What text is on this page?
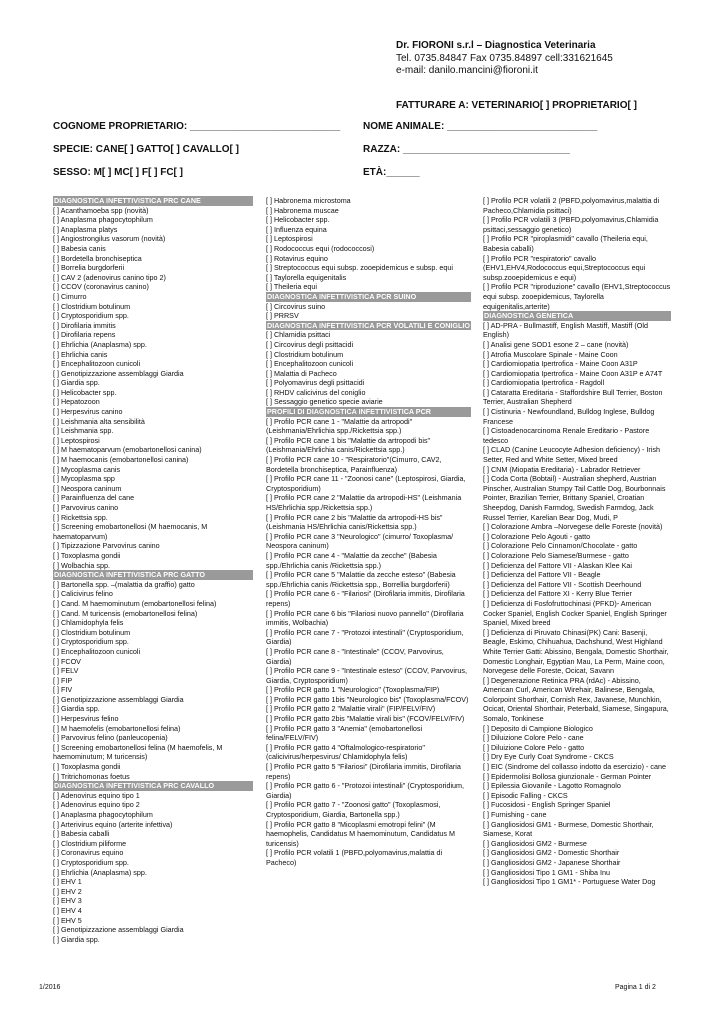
Dr. FIORONI s.r.l – Diagnostica Veterinaria
Tel. 0735.84847 Fax 0735.84897 cell:331621645
e-mail: danilo.mancini@fioroni.it
FATTURARE A: VETERINARIO[ ] PROPRIETARIO[ ]
COGNOME PROPRIETARIO: ___________________________ NOME ANIMALE: ___________________________
SPECIE: CANE[ ] GATTO[ ] CAVALLO[ ]	RAZZA: ______________________________
SESSO: M[ ] MC[ ] F[ ] FC[ ]	ETÀ:______
DIAGNOSTICA INFETTIVISTICA PRC CANE
[ ] Acanthamoeba spp (novità)
[ ] Anaplasma phagocytophilum
[ ] Anaplasma platys
[ ] Angiostrongilus vasorum (novità)
[ ] Babesia canis
[ ] Bordetella bronchiseptica
[ ] Borrelia burgdorferii
[ ] CAV 2 (adenovirus canino tipo 2)
[ ] CCOV (coronavirus canino)
[ ] Cimurro
[ ] Clostridium botulinum
[ ] Cryptosporidium spp.
[ ] Dirofilaria immitis
[ ] Dirofilaria repens
[ ] Ehrlichia (Anaplasma) spp.
[ ] Ehrlichia canis
[ ] Encephalitozoon cunicoli
[ ] Genotipizzazione assemblaggi Giardia
[ ] Giardia spp.
[ ] Helicobacter spp.
[ ] Hepatozoon
[ ] Herpesvirus canino
[ ] Leishmania alta sensibilità
[ ] Leishmania spp.
[ ] Leptospirosi
[ ] M haematoparvum (emobartonellosi canina)
[ ] M haemocanis (emobartonellosi canina)
[ ] Mycoplasma canis
[ ] Mycoplasma spp
[ ] Neospora caninum
[ ] Parainfluenza del cane
[ ] Parvovirus canino
[ ] Rickettsia spp.
[ ] Screening emobartonellosi (M haemocanis, M haematoparvum)
[ ] Tipizzazione Parvovirus canino
[ ] Toxoplasma gondii
[ ] Wolbachia spp.
DIAGNOSTICA INFETTIVISTICA PRC GATTO
[ ] Bartonella spp. –(malattia da graffio) gatto
[ ] Calicivirus felino
[ ] Cand. M haemominutum (emobartonellosi felina)
[ ] Cand. M turicensis (emobartonellosi felina)
[ ] Chlamidophyla felis
[ ] Clostridium botulinum
[ ] Cryptosporidium spp.
[ ] Encephalitozoon cunicoli
[ ] FCOV
[ ] FELV
[ ] FIP
[ ] FIV
[ ] Genotipizzazione assemblaggi Giardia
[ ] Giardia spp.
[ ] Herpesvirus felino
[ ] M haemofelis (emobartonellosi felina)
[ ] Parvovirus felino (panleucopenia)
[ ] Screening emobartonellosi felina (M haemofelis, M haemominutum; M turicensis)
[ ] Toxoplasma gondii
[ ] Tritrichomonas foetus
DIAGNOSTICA INFETTIVISTICA PRC CAVALLO
[ ] Adenovirus equino tipo 1
[ ] Adenovirus equino tipo 2
[ ] Anaplasma phagocytophilum
[ ] Arterivirus equino (arterite infettiva)
[ ] Babesia caballi
[ ] Clostridium piliforme
[ ] Coronavirus equino
[ ] Cryptosporidium spp.
[ ] Ehrlichia (Anaplasma) spp.
[ ] EHV 1
[ ] EHV 2
[ ] EHV 3
[ ] EHV 4
[ ] EHV 5
[ ] Genotipizzazione assemblaggi Giardia
[ ] Giardia spp.
[ ] Habronema microstoma
[ ] Habronema muscae
[ ] Helicobacter spp.
[ ] Influenza equina
[ ] Leptospirosi
[ ] Rodococcus equi (rodococcosi)
[ ] Rotavirus equino
[ ] Streptococcus equi subsp. zooepidemicus e subsp. equi
[ ] Taylorella equigenitalis
[ ] Theileria equi
DIAGNOSTICA INFETTIVISTICA PCR SUINO
[ ] Circovirus suino
[ ] PRRSV
DIAGNOSTICA INFETTIVISTICA PCR VOLATILI E CONIGLIO
[ ] Chlamidia psittaci
[ ] Circovirus degli psittacidi
[ ] Clostridium botulinum
[ ] Encephalitozoon cunicoli
[ ] Malattia di Pacheco
[ ] Polyomavirus degli psittacidi
[ ] RHDV calicivirus del coniglio
[ ] Sessaggio genetico specie aviarie
PROFILI DI DIAGNOSTICA INFETTIVISTICA PCR
[ ] Profilo PCR cane 1 - "Malattie da artropodi" (Leishmania/Ehrlichia spp./Rickettsia spp.)
[ ] Profilo PCR cane 1 bis "Malattie da artropodi bis" (Leishmania/Ehrlichia canis/Rickettsia spp.)
[ ] Profilo PCR cane 10 - "Respiratorio"(Cimurro, CAV2, Bordetella bronchiseptica, Parainfluenza)
[ ] Profilo PCR cane 11 - "Zoonosi cane" (Leptospirosi, Giardia, Cryptosporidium)
[ ] Profilo PCR cane 2 "Malattie da artropodi-HS" (Leishmania HS/Ehrlichia spp./Rickettsia spp.)
[ ] Profilo PCR cane 2 bis "Malattie da artropodi-HS bis" (Leishmania HS/Ehrlichia canis/Rickettsia spp.)
[ ] Profilo PCR cane 3 "Neurologico" (cimurro/ Toxoplasma/ Neospora caninum)
[ ] Profilo PCR cane 4 - "Malattie da zecche" (Babesia spp./Ehrlichia canis /Rickettsia spp.)
[ ] Profilo PCR cane 5 "Malattie da zecche esteso" (Babesia spp./Ehrlichia canis /Rickettsia spp., Borrellia burgdorferii)
[ ] Profilo PCR cane 6 - "Filariosi" (Dirofilaria immitis, Dirofilaria repens)
[ ] Profilo PCR cane 6 bis "Filariosi nuovo pannello" (Dirofilaria immitis, Wolbachia)
[ ] Profilo PCR cane 7 - "Protozoi intestinali" (Cryptosporidium, Giardia)
[ ] Profilo PCR cane 8 - "Intestinale" (CCOV, Parvovirus, Giardia)
[ ] Profilo PCR cane 9 - "Intestinale esteso" (CCOV, Parvovirus, Giardia, Cryptosporidium)
[ ] Profilo PCR gatto 1 "Neurologico" (Toxoplasma/FIP)
[ ] Profilo PCR gatto 1bis "Neurologico bis" (Toxoplasma/FCOV)
[ ] Profilo PCR gatto 2 "Malattie virali" (FIP/FELV/FIV)
[ ] Profilo PCR gatto 2bis "Malattie virali bis" (FCOV/FELV/FIV)
[ ] Profilo PCR gatto 3 "Anemia" (emobartonellosi felina/FELV/FIV)
[ ] Profilo PCR gatto 4 "Oftalmologico-respiratorio" (calicivirus/herpesvirus/ Chlamidophyla felis)
[ ] Profilo PCR gatto 5 "Filariosi" (Dirofilaria immitis, Dirofilaria repens)
[ ] Profilo PCR gatto 6 - "Protozoi intestinali" (Cryptosporidium, Giardia)
[ ] Profilo PCR gatto 7 - "Zoonosi gatto" (Toxoplasmosi, Cryptosporidium, Giardia, Bartonella spp.)
[ ] Profilo PCR gatto 8 "Micoplasmi emotropi felini" (M haemophelis, Candidatus M haemominutum, Candidatus M turicensis)
[ ] Profilo PCR volatili 1 (PBFD,polyomavirus,malattia di Pacheco)
[ ] Profilo PCR volatili 2 (PBFD,polyomavirus,malattia di Pacheco,Chlamidia psittaci)
[ ] Profilo PCR volatili 3 (PBFD,polyomavirus,Chlamidia psittaci,sessaggio genetico)
[ ] Profilo PCR "piroplasmidi" cavallo (Theileria equi, Babesia caballi)
[ ] Profilo PCR "respiratorio" cavallo (EHV1,EHV4,Rodococcus equi,Streptococcus equi subsp.zooepidemicus e equi)
[ ] Profilo PCR "riproduzione" cavallo (EHV1,Streptococcus equi subsp. zooepidemicus, Taylorella equigenitalis,arterite)
DIAGNOSTICA GENETICA
[ ] AD-PRA - Bullmastiff, English Mastiff, Mastiff (Old English)
[ ] Analisi gene SOD1 esone 2 – cane (novità)
[ ] Atrofia Muscolare Spinale - Maine Coon
[ ] Cardiomiopatia Ipertrofica - Maine Coon A31P
[ ] Cardiomiopatia Ipertrofica - Maine Coon A31P e A74T
[ ] Cardiomiopatia Ipertrofica - Ragdoll
[ ] Cataratta Ereditaria - Staffordshire Bull Terrier, Boston Terrier, Australian Shepherd
[ ] Cistinuria - Newfoundland, Bulldog Inglese, Bulldog Francese
[ ] Cistoadenocarcinoma Renale Ereditario - Pastore tedesco
[ ] CLAD (Canine Leucocyte Adhesion deficiency) - Irish Setter, Red and White Setter, Mixed breed
[ ] CNM (Miopatia Ereditaria) - Labrador Retriever
[ ] Coda Corta (Bobtail) - Australian shepherd, Austrian Pinscher, Australian Stumpy Tail Cattle Dog, Bourbonnais Pointer, Brazilian Terrier, Brittany Spaniel, Croatian Sheepdog, Danish Farmdog, Swedish Farmdog, Jack Russel Terrier, Karelian Bear Dog, Mudi, P
[ ] Colorazione Ambra –Norvegese delle Foreste (novità)
[ ] Colorazione Pelo Agouti - gatto
[ ] Colorazione Pelo Cinnamon/Chocolate - gatto
[ ] Colorazione Pelo Siamese/Burmese - gatto
[ ] Deficienza del Fattore VII - Alaskan Klee Kai
[ ] Deficienza del Fattore VII - Beagle
[ ] Deficienza del Fattore VII - Scottish Deerhound
[ ] Deficienza del Fattore XI - Kerry Blue Terrier
[ ] Deficienza di Fosfofruttochinasi (PFKD)- American Cocker Spaniel, English Cocker Spaniel, English Springer Spaniel, Mixed breed
[ ] Deficienza di Piruvato Chinasi(PK) Cani: Basenji, Beagle, Eskimo, Chihuahua, Dachshund, West Highland White Terrier Gatti: Abissino, Bengala, Domestic Shorthair, Domestic Longhair, Egyptian Mau, La Perm, Maine coon, Norvegese delle Foreste, Ocicat, Savann
[ ] Degenerazione Retinica PRA (rdAc) - Abissino, American Curl, American Wirehair, Balinese, Bengala, Colorpoint Shorthair, Cornish Rex, Javanese, Munchkin, Ocicat, Oriental Shorthair, Peterbald, Siamese, Singapura, Somalo, Tonkinese
[ ] Deposito di Campione Biologico
[ ] Diluizione Colore Pelo - cane
[ ] Diluizione Colore Pelo - gatto
[ ] Dry Eye Curly Coat Syndrome - CKCS
[ ] EIC (Sindrome del collasso indotto da esercizio) - cane
[ ] Epidermolisi Bollosa giunzionale - German Pointer
[ ] Epilessia Giovanile - Lagotto Romagnolo
[ ] Episodic Falling - CKCS
[ ] Fucosidosi - English Springer Spaniel
[ ] Furnishing - cane
[ ] Gangliosidosi GM1 - Burmese, Domestic Shorthair, Siamese, Korat
[ ] Gangliosidosi GM2 - Burmese
[ ] Gangliosidosi GM2 - Domestic Shorthair
[ ] Gangliosidosi GM2 - Japanese Shorthair
[ ] Gangliosidosi Tipo 1 GM1 - Shiba Inu
[ ] Gangliosidosi Tipo 1 GM1* - Portuguese Water Dog
1/2016	Pagina 1 di 2
